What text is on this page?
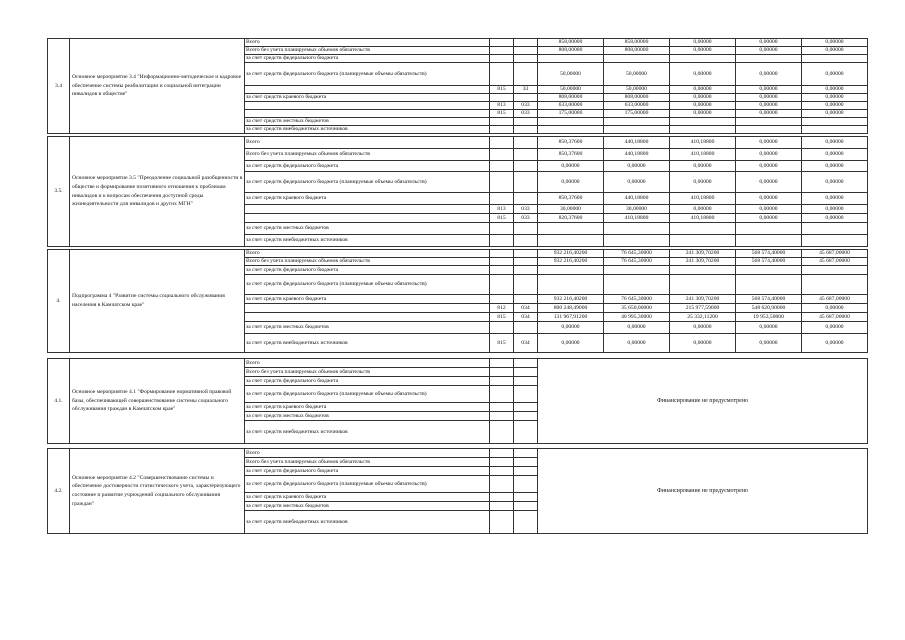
3.4	Основное мероприятие 3.4 "Информационно-методическое и кадровое обеспечение системы реабилитации и социальной интеграции инвалидов в обществе"	Всего			858,00000	858,00000	0,00000	0,00000	0,00000
		Всего без учета планируемых объемов обязательств			808,00000	808,00000	0,00000	0,00000	0,00000
		за счет средств федерального бюджета							
		за счет средств федерального бюджета (планируемые объемы обязательств)			50,00000	50,00000	0,00000	0,00000	0,00000
			815	33	50,00000	50,00000	0,00000	0,00000	0,00000
		за счет средств краевого бюджета			808,00000	808,00000	0,00000	0,00000	0,00000
			813	033	633,00000	633,00000	0,00000	0,00000	0,00000
			815	033	175,00000	175,00000	0,00000	0,00000	0,00000
		за счет средств местных бюджетов							
		за счет средств внебюджетных источников							

3.5.	Основное мероприятие 3.5 "Преодоление социальной разобщенности в обществе и формирование позитивного отношения к проблемам инвалидов и к вопросам обеспечения доступной среды жизнедеятельности для инвалидов и других МГН"	Всего			850,37600	440,18800	410,18800	0,00000	0,00000
		Всего без учета планируемых объемов обязательств			850,37600	440,18800	410,18800	0,00000	0,00000
		за счет средств федерального бюджета			0,00000	0,00000	0,00000	0,00000	0,00000
		за счет средств федерального бюджета (планируемые объемы обязательств)			0,00000	0,00000	0,00000	0,00000	0,00000
		за счет средств краевого бюджета			850,37600	440,18800	410,18800	0,00000	0,00000
			813	033	30,00000	30,00000	0,00000	0,00000	0,00000
			815	033	820,37600	410,18800	410,18800	0,00000	0,00000
		за счет средств местных бюджетов							
		за счет средств внебюджетных источников							

4.	Подпрограмма 4 "Развитие системы социального обслуживания населения в Камчатском крае"	Всего			932 216,40200	76 645,30000	241 309,70200	568 574,40000	45 687,00000
		Всего без учета планируемых объемов обязательств			932 216,40200	76 645,30000	241 309,70200	568 574,40000	45 687,00000
		за счет средств федерального бюджета							
		за счет средств федерального бюджета (планируемые объемы обязательств)							
		за счет средств краевого бюджета			932 216,40200	76 645,30000	241 309,70200	568 574,40000	45 687,00000
			812	034	800 248,49000	35 650,00000	215 977,59000	548 620,90000	0,00000
			815	034	131 967,91200	40 995,30000	25 332,11200	19 953,50000	45 687,00000
		за счет средств местных бюджетов			0,00000	0,00000	0,00000	0,00000	0,00000
		за счет средств внебюджетных источников	815	034	0,00000	0,00000	0,00000	0,00000	0,00000

4.1.	Основное мероприятие 4.1 "Формирование нормативной правовой базы, обеспечивающей совершенствование системы социального обслуживания граждан в Камчатском крае"	Всего			Финансирование не предусмотрено				
		Всего без учета планируемых объемов обязательств							
		за счет средств федерального бюджета							
		за счет средств федерального бюджета (планируемые объемы обязательств)							
		за счет средств краевого бюджета							
		за счет средств местных бюджетов							
		за счет средств внебюджетных источников							

4.2.	Основное мероприятие 4.2 "Совершенствование системы и обеспечение достоверности статистического учета, характеризующего состояние и развитие учреждений социального обслуживания граждан"	Всего			Финансирование не предусмотрено				
		Всего без учета планируемых объемов обязательств							
		за счет средств федерального бюджета							
		за счет средств федерального бюджета (планируемые объемы обязательств)							
		за счет средств краевого бюджета							
		за счет средств местных бюджетов							
		за счет средств внебюджетных источников							
